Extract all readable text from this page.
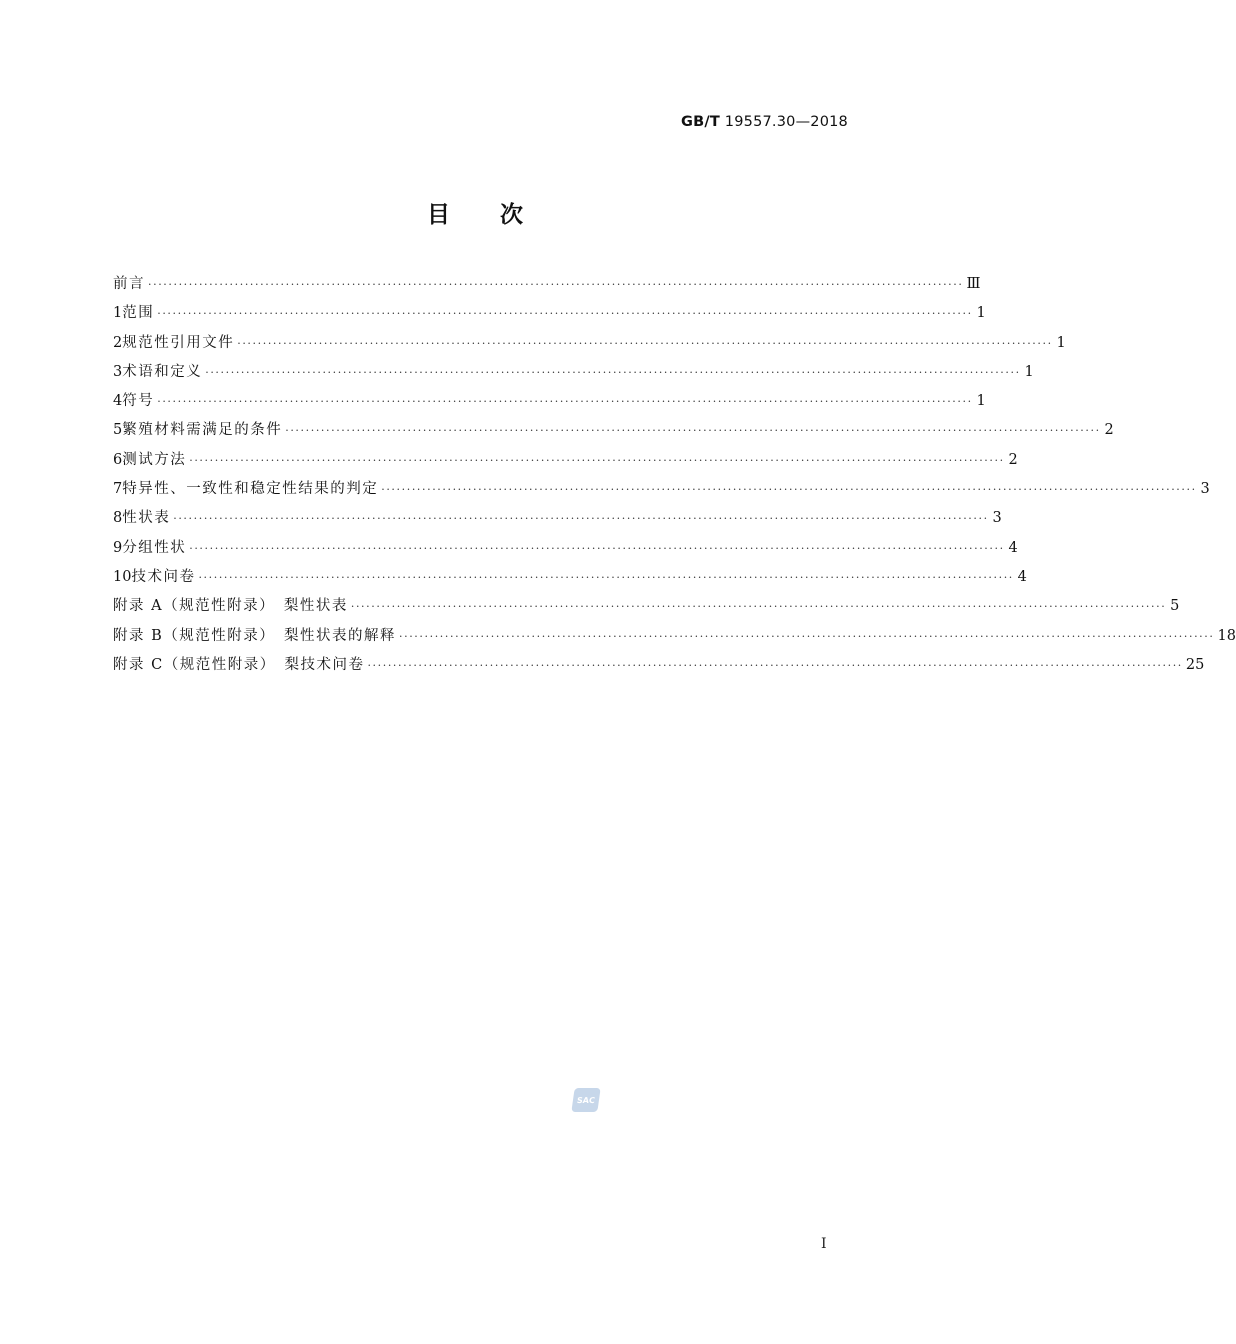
GB/T 19557.30—2018
目次
前言 ································································································································································ Ⅲ
1 范围 ································································································································································ 1
2 规范性引用文件 ································································································································································ 1
3 术语和定义 ································································································································································ 1
4 符号 ································································································································································ 1
5 繁殖材料需满足的条件 ································································································································································ 2
6 测试方法 ································································································································································ 2
7 特异性、一致性和稳定性结果的判定 ································································································································································ 3
8 性状表 ································································································································································ 3
9 分组性状 ································································································································································ 4
10 技术问卷 ································································································································································ 4
附录 A（规范性附录）　梨性状表 ································································································································································ 5
附录 B（规范性附录）　梨性状表的解释 ································································································································································ 18
附录 C（规范性附录）　梨技术问卷 ································································································································································ 25
SAC
I
